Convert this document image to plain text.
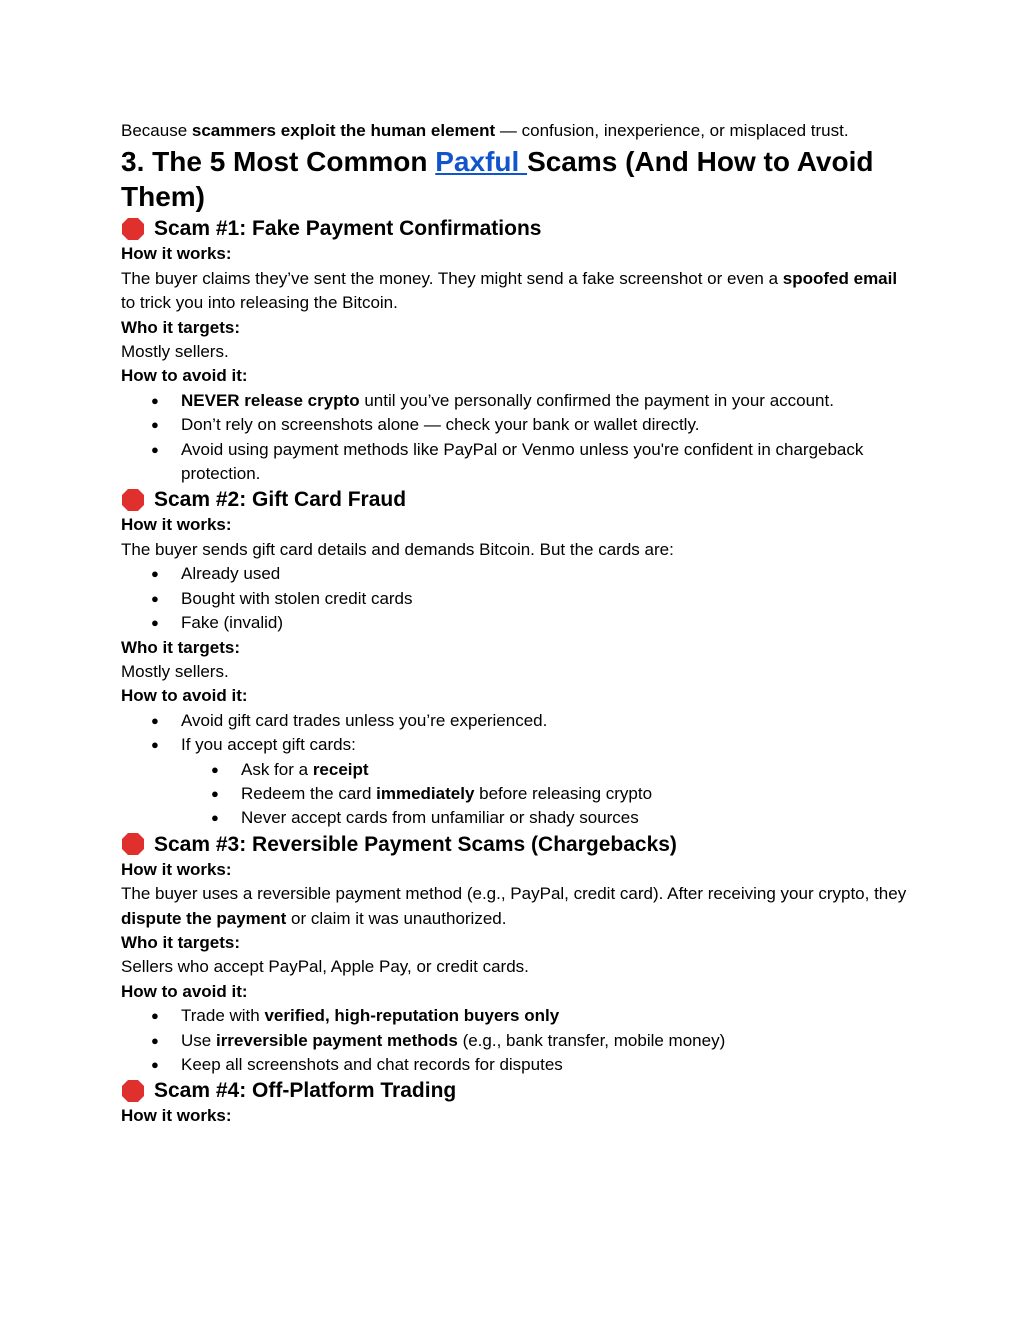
Because scammers exploit the human element — confusion, inexperience, or misplaced trust.

3. The 5 Most Common Paxful Scams (And How to Avoid Them)
Scam #1: Fake Payment Confirmations

How it works:

The buyer claims they’ve sent the money. They might send a fake screenshot or even a spoofed email to trick you into releasing the Bitcoin.

Who it targets:

Mostly sellers.

How to avoid it:

● NEVER release crypto until you’ve personally confirmed the payment in your account.
● Don’t rely on screenshots alone — check your bank or wallet directly.
● Avoid using payment methods like PayPal or Venmo unless you're confident in chargeback protection.
Scam #2: Gift Card Fraud

How it works:

The buyer sends gift card details and demands Bitcoin. But the cards are:

● Already used
● Bought with stolen credit cards
● Fake (invalid)

Who it targets:

Mostly sellers.

How to avoid it:

● Avoid gift card trades unless you’re experienced.
● If you accept gift cards:
● Ask for a receipt
● Redeem the card immediately before releasing crypto
● Never accept cards from unfamiliar or shady sources
Scam #3: Reversible Payment Scams (Chargebacks)

How it works:

The buyer uses a reversible payment method (e.g., PayPal, credit card). After receiving your crypto, they dispute the payment or claim it was unauthorized.

Who it targets:

Sellers who accept PayPal, Apple Pay, or credit cards.

How to avoid it:

● Trade with verified, high-reputation buyers only
● Use irreversible payment methods (e.g., bank transfer, mobile money)
● Keep all screenshots and chat records for disputes
Scam #4: Off-Platform Trading

How it works:
